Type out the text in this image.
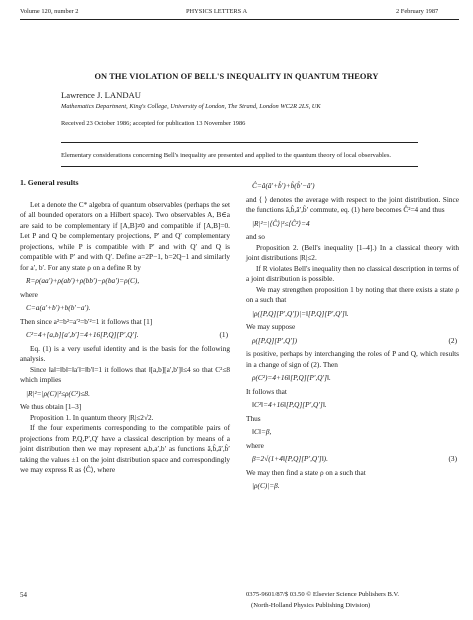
Volume 120, number 2	PHYSICS LETTERS A	2 February 1987
ON THE VIOLATION OF BELL'S INEQUALITY IN QUANTUM THEORY
Lawrence J. LANDAU
Mathematics Department, King's College, University of London, The Strand, London WC2R 2LS, UK
Received 23 October 1986; accepted for publication 13 November 1986
Elementary considerations concerning Bell's inequality are presented and applied to the quantum theory of local observables.

1. General results

Let a denote the C* algebra of quantum observables (perhaps the set of all bounded operators on a Hilbert space). Two observables A, B∈a are said to be complementary if [A,B]≠0 and compatible if [A,B]=0. Let P and Q be complementary projections, P′ and Q′ complementary projections, while P is compatible with P′ and with Q′ and Q is compatible with P′ and with Q′. Define a=2P−1, b=2Q−1 and similarly for a′, b′. For any state ρ on a define R by

R=ρ(aa′)+ρ(ab′)+ρ(bb′)−ρ(ba′)=ρ(C),

where

C=a(a′+b′)+b(b′−a′).

Then since a²=b²=a′²=b′²=1 it follows that [1]

C²=4+[a,b][a′,b′]=4+16[P,Q][P′,Q′].	(1)

Eq. (1) is a very useful identity and is the basis for the following analysis.

Since ‖a‖=‖b‖=‖a′‖=‖b′‖=1 it follows that ‖[a,b][a′,b′]‖≤4 so that C²≤8 which implies

|R|²=|ρ(C)|²≤ρ(C²)≤8.

We thus obtain [1–3]

Proposition 1. In quantum theory |R|≤2√2.

If the four experiments corresponding to the compatible pairs of projections from P,Q,P′,Q′ have a classical description by means of a joint distribution then we may represent a,b,a′,b′ as functions â,b̂,â′,b̂′ taking the values ±1 on the joint distribution space and correspondingly we may express R as ⟨Ĉ⟩, where

Ĉ=â(â′+b̂′)+b̂(b̂′−â′)

and ⟨ ⟩ denotes the average with respect to the joint distribution. Since the functions â,b̂,â′,b̂′ commute, eq. (1) here becomes Ĉ²=4 and thus

|R|²=|⟨Ĉ⟩|²≤⟨Ĉ²⟩=4

and so

Proposition 2. (Bell's inequality [1–4].) In a classical theory with joint distributions |R|≤2.

If R violates Bell's inequality then no classical description in terms of a joint distribution is possible.

We may strengthen proposition 1 by noting that there exists a state ρ on a such that

|ρ([P,Q][P′,Q′])|=‖[P,Q][P′,Q′]‖.

We may suppose

ρ([P,Q][P′,Q′])	(2)

is positive, perhaps by interchanging the roles of P and Q, which results in a change of sign of (2). Then

ρ(C²)=4+16‖[P,Q][P′,Q′]‖.

It follows that

‖C²‖=4+16‖[P,Q][P′,Q′]‖.

Thus

‖C‖=β,

where

β=2√(1+4‖[P,Q][P′,Q′]‖).	(3)

We may then find a state ρ on a such that

|ρ(C)|=β.

54	0375-9601/87/$ 03.50 © Elsevier Science Publishers B.V.
(North-Holland Physics Publishing Division)
